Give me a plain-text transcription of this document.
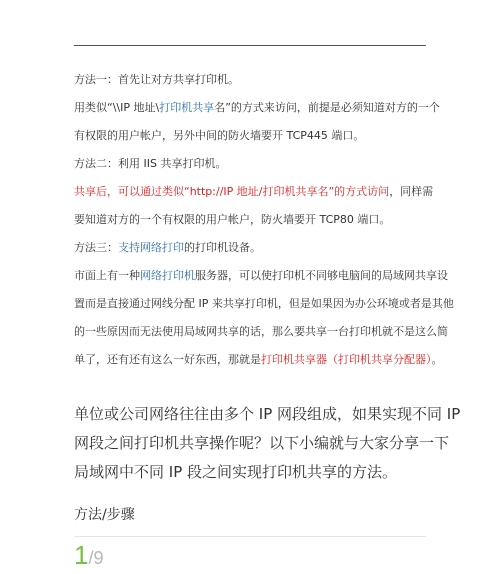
方法一：首先让对方共享打印机。
用类似“\\IP 地址\打印机共享名”的方式来访问，前提是必须知道对方的一个
有权限的用户帐户，另外中间的防火墙要开 TCP445 端口。
方法二：利用 IIS 共享打印机。
共享后，可以通过类似“http://IP 地址/打印机共享名”的方式访问，同样需
要知道对方的一个有权限的用户帐户，防火墙要开 TCP80 端口。
方法三：支持网络打印的打印机设备。
市面上有一种网络打印机服务器，可以使打印机不同够电脑间的局域网共享设
置而是直接通过网线分配 IP 来共享打印机，但是如果因为办公环境或者是其他
的一些原因而无法使用局域网共享的话，那么要共享一台打印机就不是这么简
单了，还有还有这么一好东西，那就是打印机共享器（打印机共享分配器）。
单位或公司网络往往由多个 IP 网段组成，如果实现不同 IP
网段之间打印机共享操作呢？以下小编就与大家分享一下
局域网中不同 IP 段之间实现打印机共享的方法。
方法/步骤
1/9
